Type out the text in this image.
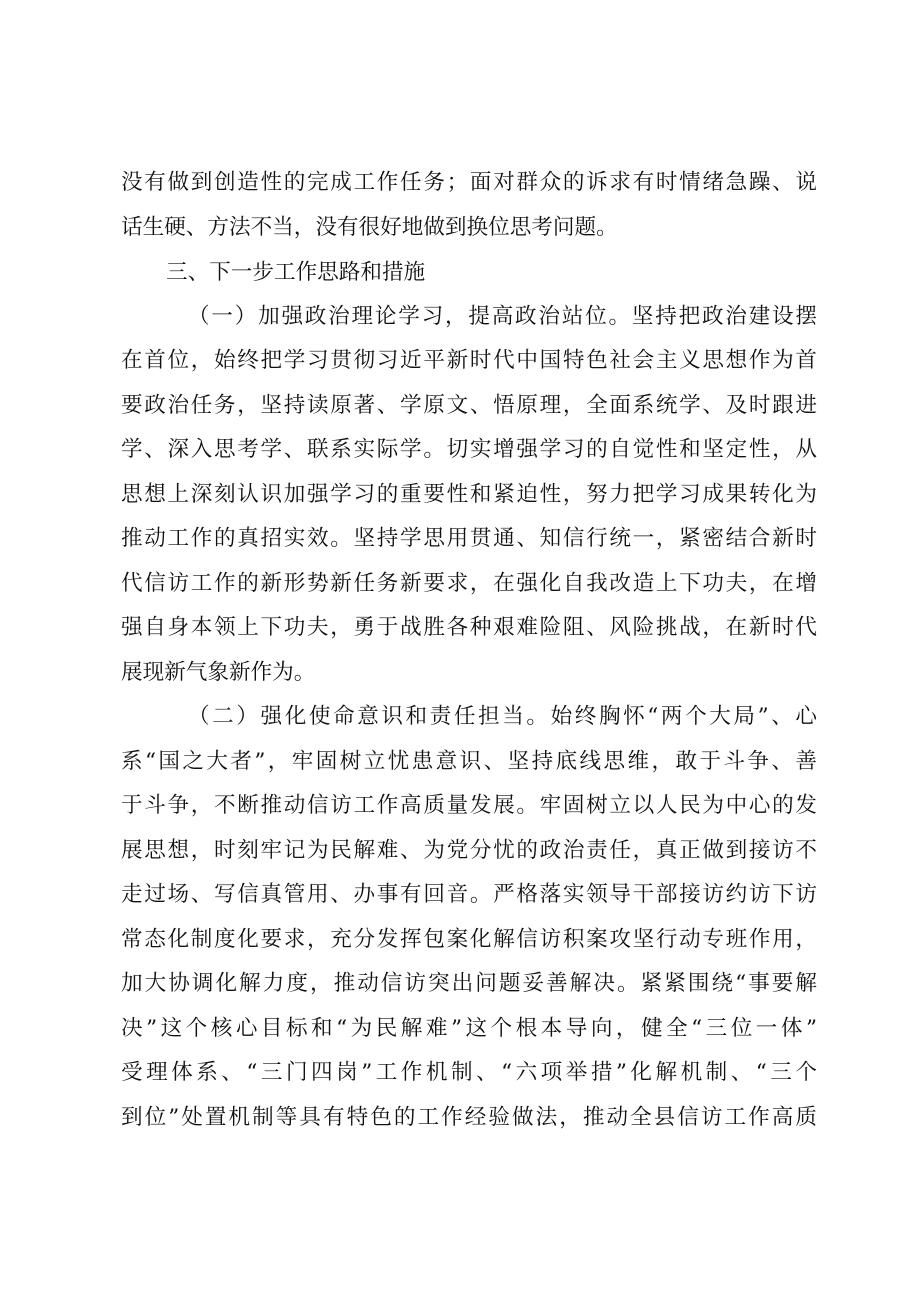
没有做到创造性的完成工作任务；面对群众的诉求有时情绪急躁、说
话生硬、方法不当，没有很好地做到换位思考问题。
三、下一步工作思路和措施
（一）加强政治理论学习，提高政治站位。坚持把政治建设摆
在首位，始终把学习贯彻习近平新时代中国特色社会主义思想作为首
要政治任务，坚持读原著、学原文、悟原理，全面系统学、及时跟进
学、深入思考学、联系实际学。切实增强学习的自觉性和坚定性，从
思想上深刻认识加强学习的重要性和紧迫性，努力把学习成果转化为
推动工作的真招实效。坚持学思用贯通、知信行统一，紧密结合新时
代信访工作的新形势新任务新要求，在强化自我改造上下功夫，在增
强自身本领上下功夫，勇于战胜各种艰难险阻、风险挑战，在新时代
展现新气象新作为。
（二）强化使命意识和责任担当。始终胸怀“两个大局”、心
系“国之大者”，牢固树立忧患意识、坚持底线思维，敢于斗争、善
于斗争，不断推动信访工作高质量发展。牢固树立以人民为中心的发
展思想，时刻牢记为民解难、为党分忧的政治责任，真正做到接访不
走过场、写信真管用、办事有回音。严格落实领导干部接访约访下访
常态化制度化要求，充分发挥包案化解信访积案攻坚行动专班作用，
加大协调化解力度，推动信访突出问题妥善解决。紧紧围绕“事要解
决”这个核心目标和“为民解难”这个根本导向，健全“三位一体”
受理体系、“三门四岗”工作机制、“六项举措”化解机制、“三个
到位”处置机制等具有特色的工作经验做法，推动全县信访工作高质
